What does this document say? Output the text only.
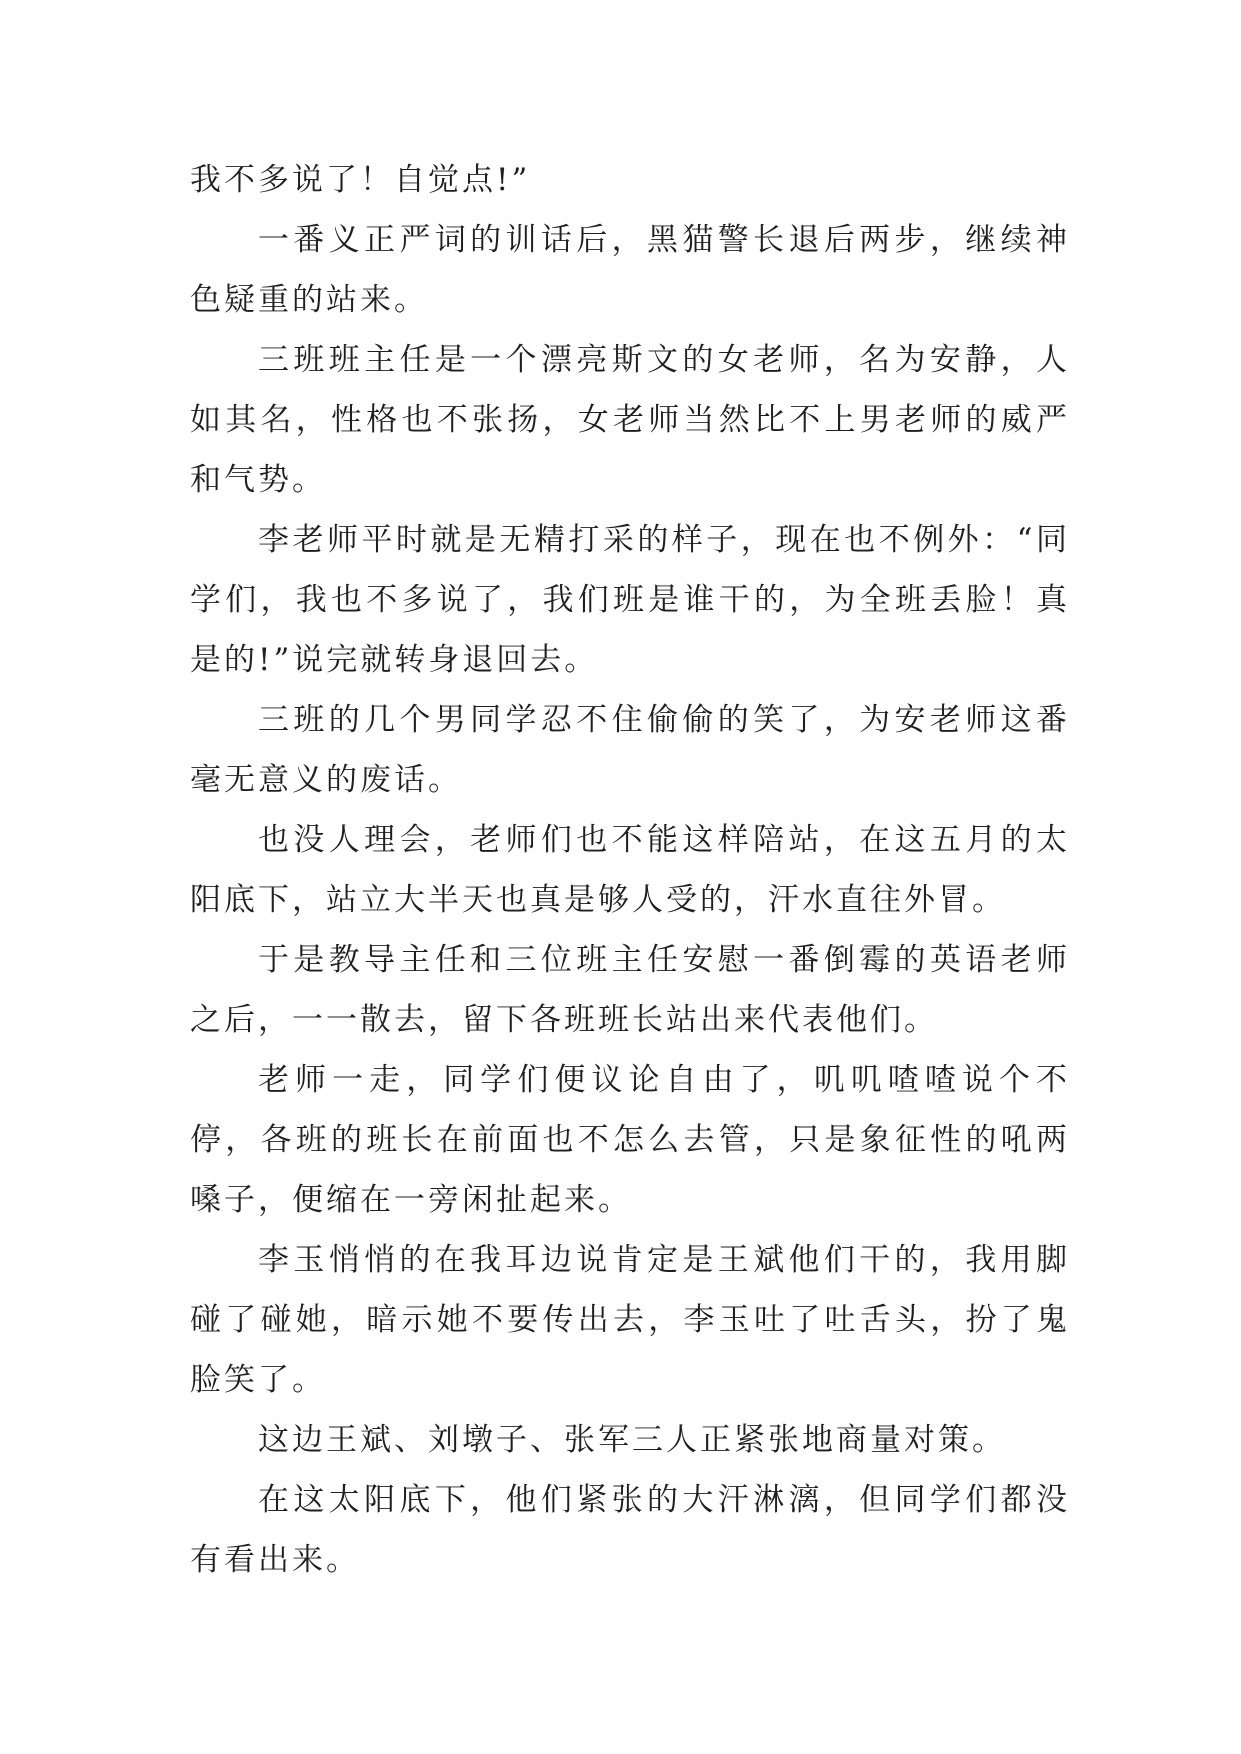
我不多说了！自觉点!”

一番义正严词的训话后，黑猫警长退后两步，继续神色疑重的站来。

三班班主任是一个漂亮斯文的女老师，名为安静，人如其名，性格也不张扬，女老师当然比不上男老师的威严和气势。

李老师平时就是无精打采的样子，现在也不例外：“同学们，我也不多说了，我们班是谁干的，为全班丢脸！真是的!”说完就转身退回去。

三班的几个男同学忍不住偷偷的笑了，为安老师这番毫无意义的废话。

也没人理会，老师们也不能这样陪站，在这五月的太阳底下，站立大半天也真是够人受的，汗水直往外冒。

于是教导主任和三位班主任安慰一番倒霉的英语老师之后，一一散去，留下各班班长站出来代表他们。

老师一走，同学们便议论自由了，叽叽喳喳说个不停，各班的班长在前面也不怎么去管，只是象征性的吼两嗓子，便缩在一旁闲扯起来。

李玉悄悄的在我耳边说肯定是王斌他们干的，我用脚碰了碰她，暗示她不要传出去，李玉吐了吐舌头，扮了鬼脸笑了。

这边王斌、刘墩子、张军三人正紧张地商量对策。

在这太阳底下，他们紧张的大汗淋漓，但同学们都没有看出来。
